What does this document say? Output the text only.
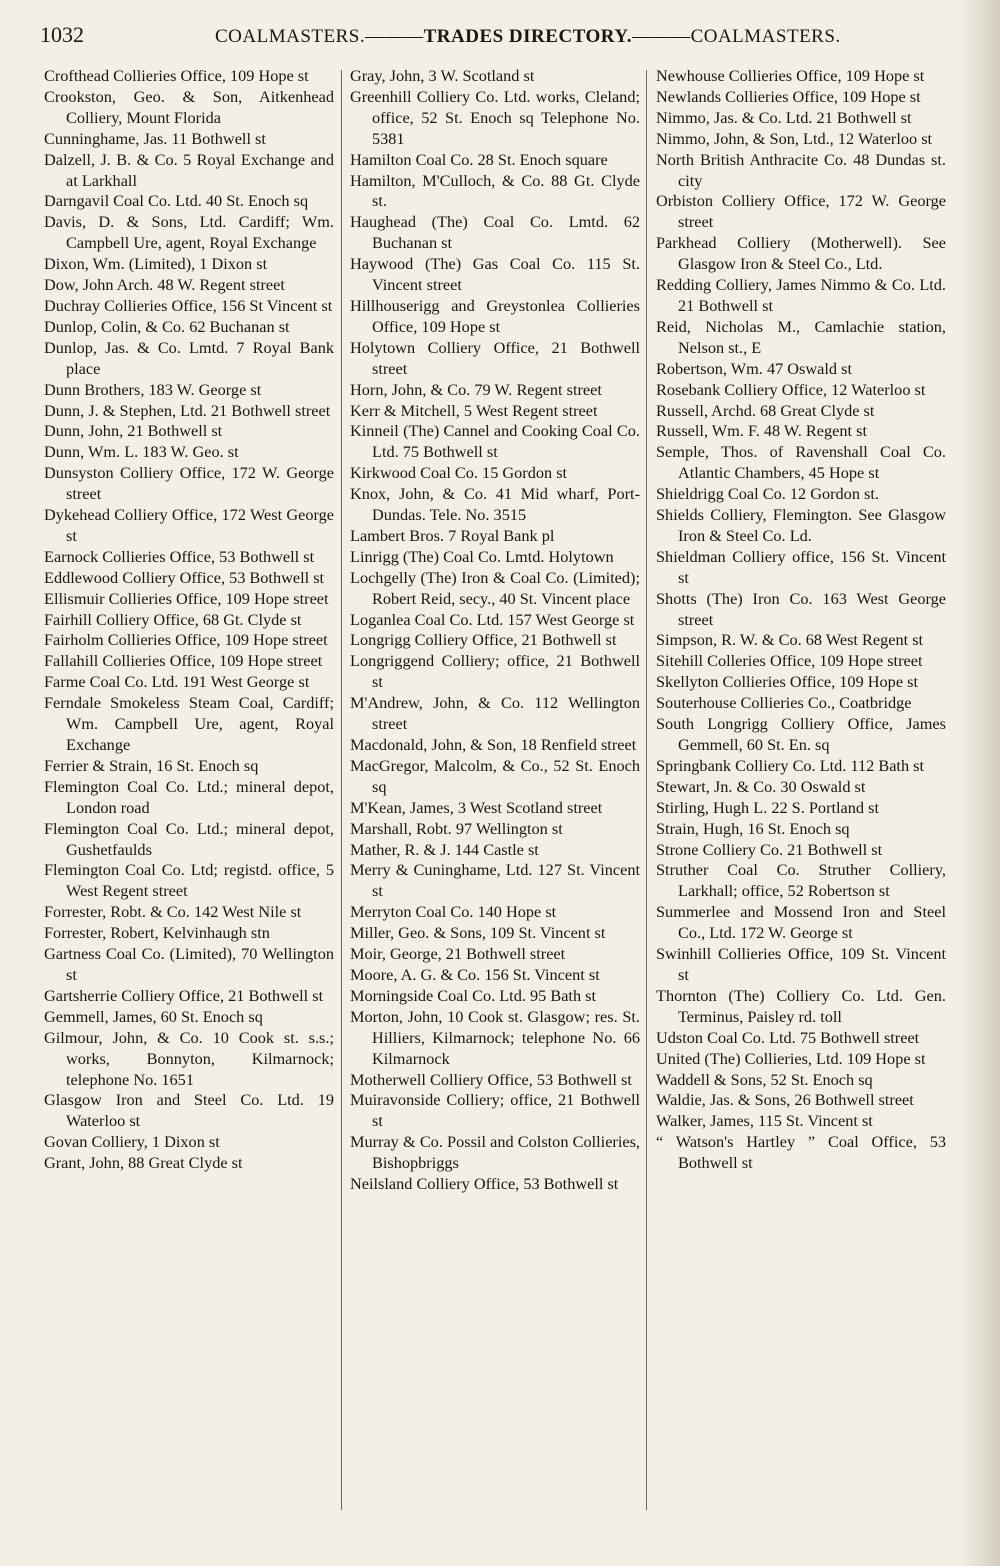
1032	COALMASTERS.———TRADES DIRECTORY.———COALMASTERS.
Crofthead Collieries Office, 109 Hope st
Crookston, Geo. & Son, Aitkenhead Colliery, Mount Florida
Cunninghame, Jas. 11 Bothwell st
Dalzell, J. B. & Co. 5 Royal Exchange and at Larkhall
Darngavil Coal Co. Ltd. 40 St. Enoch sq
Davis, D. & Sons, Ltd. Cardiff; Wm. Campbell Ure, agent, Royal Exchange
Dixon, Wm. (Limited), 1 Dixon st
Dow, John Arch. 48 W. Regent street
Duchray Collieries Office, 156 St Vincent st
Dunlop, Colin, & Co. 62 Buchanan st
Dunlop, Jas. & Co. Lmtd. 7 Royal Bank place
Dunn Brothers, 183 W. George st
Dunn, J. & Stephen, Ltd. 21 Bothwell street
Dunn, John, 21 Bothwell st
Dunn, Wm. L. 183 W. Geo. st
Dunsyston Colliery Office, 172 W. George street
Dykehead Colliery Office, 172 West George st
Earnock Collieries Office, 53 Bothwell st
Eddlewood Colliery Office, 53 Bothwell st
Ellismuir Collieries Office, 109 Hope street
Fairhill Colliery Office, 68 Gt. Clyde st
Fairholm Collieries Office, 109 Hope street
Fallahill Collieries Office, 109 Hope street
Farme Coal Co. Ltd. 191 West George st
Ferndale Smokeless Steam Coal, Cardiff; Wm. Campbell Ure, agent, Royal Exchange
Ferrier & Strain, 16 St. Enoch sq
Flemington Coal Co. Ltd.; mineral depot, London road
Flemington Coal Co. Ltd.; mineral depot, Gushetfaulds
Flemington Coal Co. Ltd; registd. office, 5 West Regent street
Forrester, Robt. & Co. 142 West Nile st
Forrester, Robert, Kelvinhaugh stn
Gartness Coal Co. (Limited), 70 Wellington st
Gartsherrie Colliery Office, 21 Bothwell st
Gemmell, James, 60 St. Enoch sq
Gilmour, John, & Co. 10 Cook st. s.s.; works, Bonnyton, Kilmarnock; telephone No. 1651
Glasgow Iron and Steel Co. Ltd. 19 Waterloo st
Govan Colliery, 1 Dixon st
Grant, John, 88 Great Clyde st
Gray, John, 3 W. Scotland st
Greenhill Colliery Co. Ltd. works, Cleland; office, 52 St. Enoch sq Telephone No. 5381
Hamilton Coal Co. 28 St. Enoch square
Hamilton, M'Culloch, & Co. 88 Gt. Clyde st.
Haughead (The) Coal Co. Lmtd. 62 Buchanan st
Haywood (The) Gas Coal Co. 115 St. Vincent street
Hillhouserigg and Greystonlea Collieries Office, 109 Hope st
Holytown Colliery Office, 21 Bothwell street
Horn, John, & Co. 79 W. Regent street
Kerr & Mitchell, 5 West Regent street
Kinneil (The) Cannel and Cooking Coal Co. Ltd. 75 Bothwell st
Kirkwood Coal Co. 15 Gordon st
Knox, John, & Co. 41 Mid wharf, Port-Dundas. Tele. No. 3515
Lambert Bros. 7 Royal Bank pl
Linrigg (The) Coal Co. Lmtd. Holytown
Lochgelly (The) Iron & Coal Co. (Limited); Robert Reid, secy., 40 St. Vincent place
Loganlea Coal Co. Ltd. 157 West George st
Longrigg Colliery Office, 21 Bothwell st
Longriggend Colliery; office, 21 Bothwell st
M'Andrew, John, & Co. 112 Wellington street
Macdonald, John, & Son, 18 Renfield street
MacGregor, Malcolm, & Co., 52 St. Enoch sq
M'Kean, James, 3 West Scotland street
Marshall, Robt. 97 Wellington st
Mather, R. & J. 144 Castle st
Merry & Cuninghame, Ltd. 127 St. Vincent st
Merryton Coal Co. 140 Hope st
Miller, Geo. & Sons, 109 St. Vincent st
Moir, George, 21 Bothwell street
Moore, A. G. & Co. 156 St. Vincent st
Morningside Coal Co. Ltd. 95 Bath st
Morton, John, 10 Cook st. Glasgow; res. St. Hilliers, Kilmarnock; telephone No. 66 Kilmarnock
Motherwell Colliery Office, 53 Bothwell st
Muiravonside Colliery; office, 21 Bothwell st
Murray & Co. Possil and Colston Collieries, Bishopbriggs
Neilsland Colliery Office, 53 Bothwell st
Newhouse Collieries Office, 109 Hope st
Newlands Collieries Office, 109 Hope st
Nimmo, Jas. & Co. Ltd. 21 Bothwell st
Nimmo, John, & Son, Ltd., 12 Waterloo st
North British Anthracite Co. 48 Dundas st. city
Orbiston Colliery Office, 172 W. George street
Parkhead Colliery (Motherwell). See Glasgow Iron & Steel Co., Ltd.
Redding Colliery, James Nimmo & Co. Ltd. 21 Bothwell st
Reid, Nicholas M., Camlachie station, Nelson st., E
Robertson, Wm. 47 Oswald st
Rosebank Colliery Office, 12 Waterloo st
Russell, Archd. 68 Great Clyde st
Russell, Wm. F. 48 W. Regent st
Semple, Thos. of Ravenshall Coal Co. Atlantic Chambers, 45 Hope st
Shieldrigg Coal Co. 12 Gordon st.
Shields Colliery, Flemington. See Glasgow Iron & Steel Co. Ld.
Shieldman Colliery office, 156 St. Vincent st
Shotts (The) Iron Co. 163 West George street
Simpson, R. W. & Co. 68 West Regent st
Sitehill Colleries Office, 109 Hope street
Skellyton Collieries Office, 109 Hope st
Souterhouse Collieries Co., Coatbridge
South Longrigg Colliery Office, James Gemmell, 60 St. En. sq
Springbank Colliery Co. Ltd. 112 Bath st
Stewart, Jn. & Co. 30 Oswald st
Stirling, Hugh L. 22 S. Portland st
Strain, Hugh, 16 St. Enoch sq
Strone Colliery Co. 21 Bothwell st
Struther Coal Co. Struther Colliery, Larkhall; office, 52 Robertson st
Summerlee and Mossend Iron and Steel Co., Ltd. 172 W. George st
Swinhill Collieries Office, 109 St. Vincent st
Thornton (The) Colliery Co. Ltd. Gen. Terminus, Paisley rd. toll
Udston Coal Co. Ltd. 75 Bothwell street
United (The) Collieries, Ltd. 109 Hope st
Waddell & Sons, 52 St. Enoch sq
Waldie, Jas. & Sons, 26 Bothwell street
Walker, James, 115 St. Vincent st
“ Watson's Hartley ” Coal Office, 53 Bothwell st
